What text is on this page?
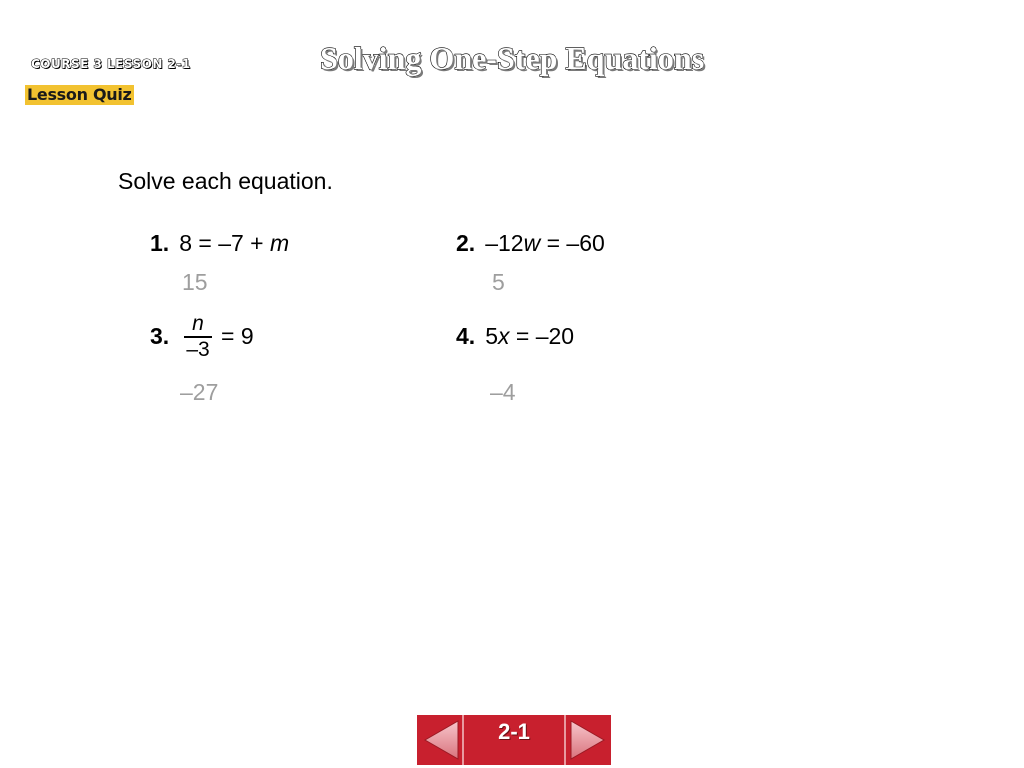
COURSE 3 LESSON 2-1
Lesson Quiz
Solving One-Step Equations
Solve each equation.
1. 8 = –7 + m
15
2. –12w = –60
5
3.	n
–3 = 9
–27
4. 5x = –20
–4
2-1
